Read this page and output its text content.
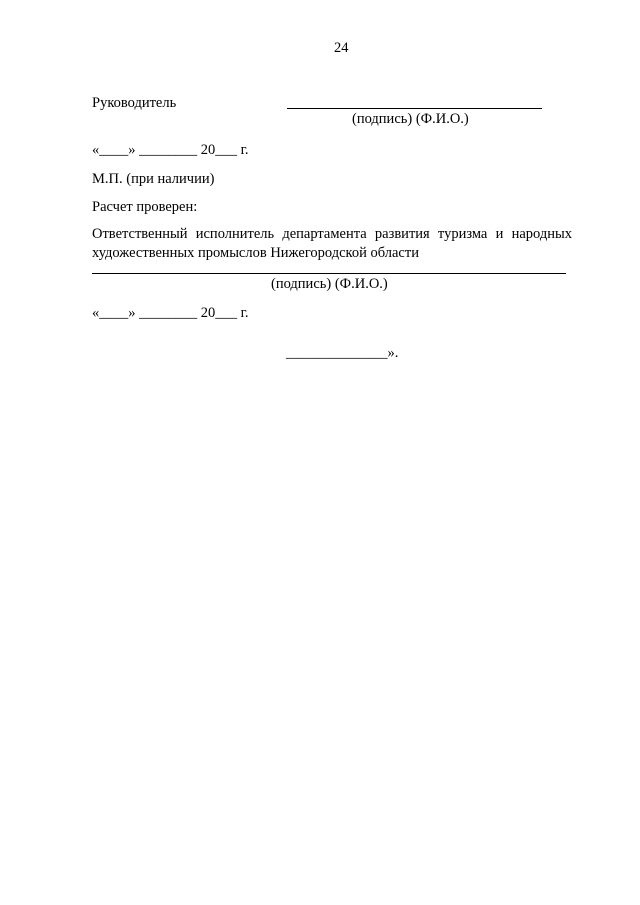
24
Руководитель
(подпись) (Ф.И.О.)
«____» ________ 20___ г.
М.П. (при наличии)
Расчет проверен:
Ответственный исполнитель департамента развития туризма и народных художественных промыслов Нижегородской области
(подпись) (Ф.И.О.)
«____» ________ 20___ г.
______________».
